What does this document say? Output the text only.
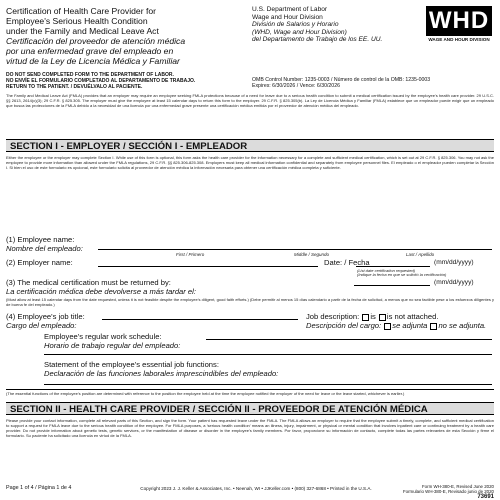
Certification of Health Care Provider for
Employee's Serious Health Condition
under the Family and Medical Leave Act
Certificación del proveedor de atención médica
por una enfermedad grave del empleado en
virtud de la Ley de Licencia Médica y Familiar
U.S. Department of Labor
Wage and Hour Division
División de Salarios y Horario
(WHD, Wage and Hour Division)
del Departamento de Trabajo de los EE. UU.
WHD
WAGE AND HOUR DIVISION
DO NOT SEND COMPLETED FORM TO THE DEPARTMENT OF LABOR.
NO ENVÍE EL FORMULARIO COMPLETADO AL DEPARTAMENTO DE TRABAJO.
RETURN TO THE PATIENT. / DEVUÉLVALO AL PACIENTE.
OMB Control Number: 1235-0003 / Número de control de la OMB: 1235-0003
Expires: 6/30/2026 / Vence: 6/30/2026
The Family and Medical Leave Act (FMLA) provides that an employer may require an employee seeking FMLA protections because of a need for leave due to a serious health condition to submit a medical certification issued by the employee's health care provider. 29 U.S.C. §§ 2613, 2614(c)(3); 29 C.F.R. § 825.305. The employer must give the employee at least 15 calendar days to return this form to the employer. 29 C.F.R. § 825.305(b). La Ley de Licencia Médica y Familiar (FMLA) establece que un empleador puede exigir que un empleado que busca las protecciones de la FMLA debido a la necesidad de una licencia por una enfermedad grave presente una certificación médica emitida por el proveedor de atención médica del empleado.
SECTION I - EMPLOYER / SECCIÓN I - EMPLEADOR
Either the employee or the employer may complete Section I. While use of this form is optional, this form asks the health care provider for the information necessary for a complete and sufficient medical certification, which is set out at 29 C.F.R. § 825.306. You may not ask the employee to provide more information than allowed under the FMLA regulations, 29 C.F.R. §§ 825.306-825.308. Employers must keep all medical information confidential and separately from employee personnel files. El empleado o el empleador pueden completar la Sección I. Si bien el uso de este formulario es opcional, este formulario solicita al proveedor de atención médica la información necesaria para obtener una certificación médica completa y suficiente.
(1) Employee name:
Nombre del empleado:
First / Primero	Middle / Segundo	Last / Apellido
(2) Employer name:	Date: / Fecha	(mm/dd/yyyy)
(List date certification requested)
(Indique la fecha en que se solicitó la certificación)
(3) The medical certification must be returned by:
La certificación médica debe devolverse a más tardar el:
(mm/dd/yyyy)
(Must allow at least 15 calendar days from the date requested, unless it is not feasible despite the employee's diligent, good faith efforts.) (Debe permitir al menos 15 días calendario a partir de la fecha de solicitud, a menos que no sea factible pese a los esfuerzos diligentes y de buena fe del empleado.)
(4) Employee's job title:
Cargo del empleado:
Job description: is is not attached.
Descripción del cargo: se adjunta no se adjunta.
Employee's regular work schedule:
Horario de trabajo regular del empleado:
Statement of the employee's essential job functions:
Declaración de las funciones laborales imprescindibles del empleado:
(The essential functions of the employee's position are determined with reference to the position the employee held at the time the employee notified the employer of the need for leave or the leave started, whichever is earlier.)
SECTION II - HEALTH CARE PROVIDER / SECCIÓN II - PROVEEDOR DE ATENCIÓN MÉDICA
Please provide your contact information, complete all relevant parts of this Section, and sign the form. Your patient has requested leave under the FMLA. The FMLA allows an employer to require that the employee submit a timely, complete, and sufficient medical certification to support a request for FMLA leave due to the serious health condition of the employee. For FMLA purposes, a 'serious health condition' means an illness, injury, impairment, or physical or mental condition that involves inpatient care or continuing treatment by a health care provider. Do not provide information about genetic tests, genetic services, or the manifestation of disease or disorder in the employee's family members. Por favor, proporcione su información de contacto, complete todas las partes relevantes de esta Sección y firme el formulario. Su paciente ha solicitado una licencia en virtud de la FMLA.
Page 1 of 4 / Página 1 de 4	Copyright 2023 J. J. Keller & Associates, Inc. • Neenah, WI • JJKeller.com • (800) 327-6868 • Printed in the U.S.A.	Form WH-380-E, Revised June 2020
Formulario WH-380-E, Revisado junio de 2020
73691
